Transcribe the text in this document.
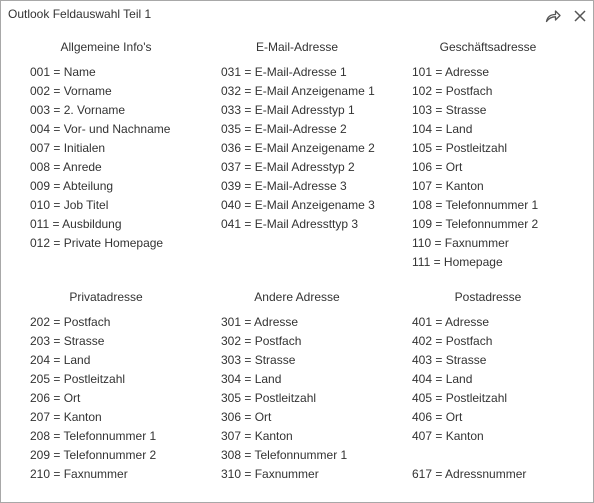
Outlook Feldauswahl Teil 1
Allgemeine Info's
001 = Name
002 = Vorname
003 = 2. Vorname
004 = Vor- und Nachname
007 = Initialen
008 = Anrede
009 = Abteilung
010 = Job Titel
011 = Ausbildung
012 = Private Homepage
E-Mail-Adresse
031 = E-Mail-Adresse 1
032 = E-Mail Anzeigename 1
033 = E-Mail Adresstyp 1
035 = E-Mail-Adresse 2
036 = E-Mail Anzeigename 2
037 = E-Mail Adresstyp 2
039 = E-Mail-Adresse 3
040 = E-Mail Anzeigename 3
041 = E-Mail Adressttyp 3
Geschäftsadresse
101 = Adresse
102 = Postfach
103 = Strasse
104 = Land
105 = Postleitzahl
106 = Ort
107 = Kanton
108 = Telefonnummer 1
109 = Telefonnummer 2
110 = Faxnummer
111 = Homepage
Privatadresse
202 = Postfach
203 = Strasse
204 = Land
205 = Postleitzahl
206 = Ort
207 = Kanton
208 = Telefonnummer 1
209 = Telefonnummer 2
210 = Faxnummer
Andere Adresse
301 = Adresse
302 = Postfach
303 = Strasse
304 = Land
305 = Postleitzahl
306 = Ort
307 = Kanton
308 = Telefonnummer 1
310 = Faxnummer
Postadresse
401 = Adresse
402 = Postfach
403 = Strasse
404 = Land
405 = Postleitzahl
406 = Ort
407 = Kanton
617 = Adressnummer
